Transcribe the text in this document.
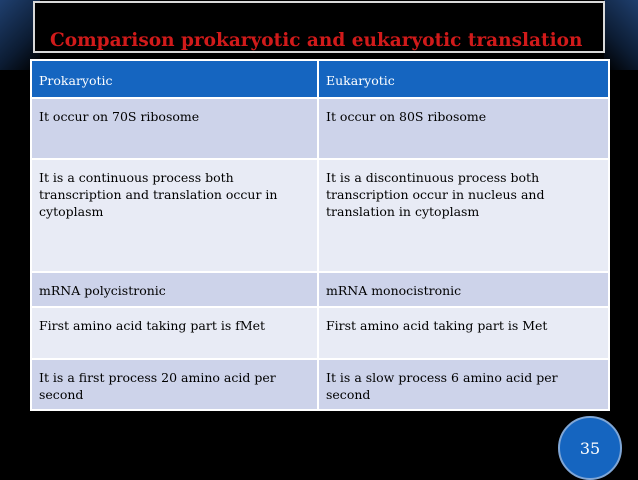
Comparison prokaryotic and eukaryotic translation
Prokaryotic	Eukaryotic
It occur on 70S ribosome	It occur on 80S ribosome
It is a continuous process both transcription and translation occur in cytoplasm	It is a discontinuous process both transcription occur in nucleus and translation in cytoplasm
mRNA polycistronic	mRNA monocistronic
First amino acid taking part is fMet	First amino acid taking part is Met
It is a first process 20 amino acid per second	It is a slow process 6 amino acid per second
35
